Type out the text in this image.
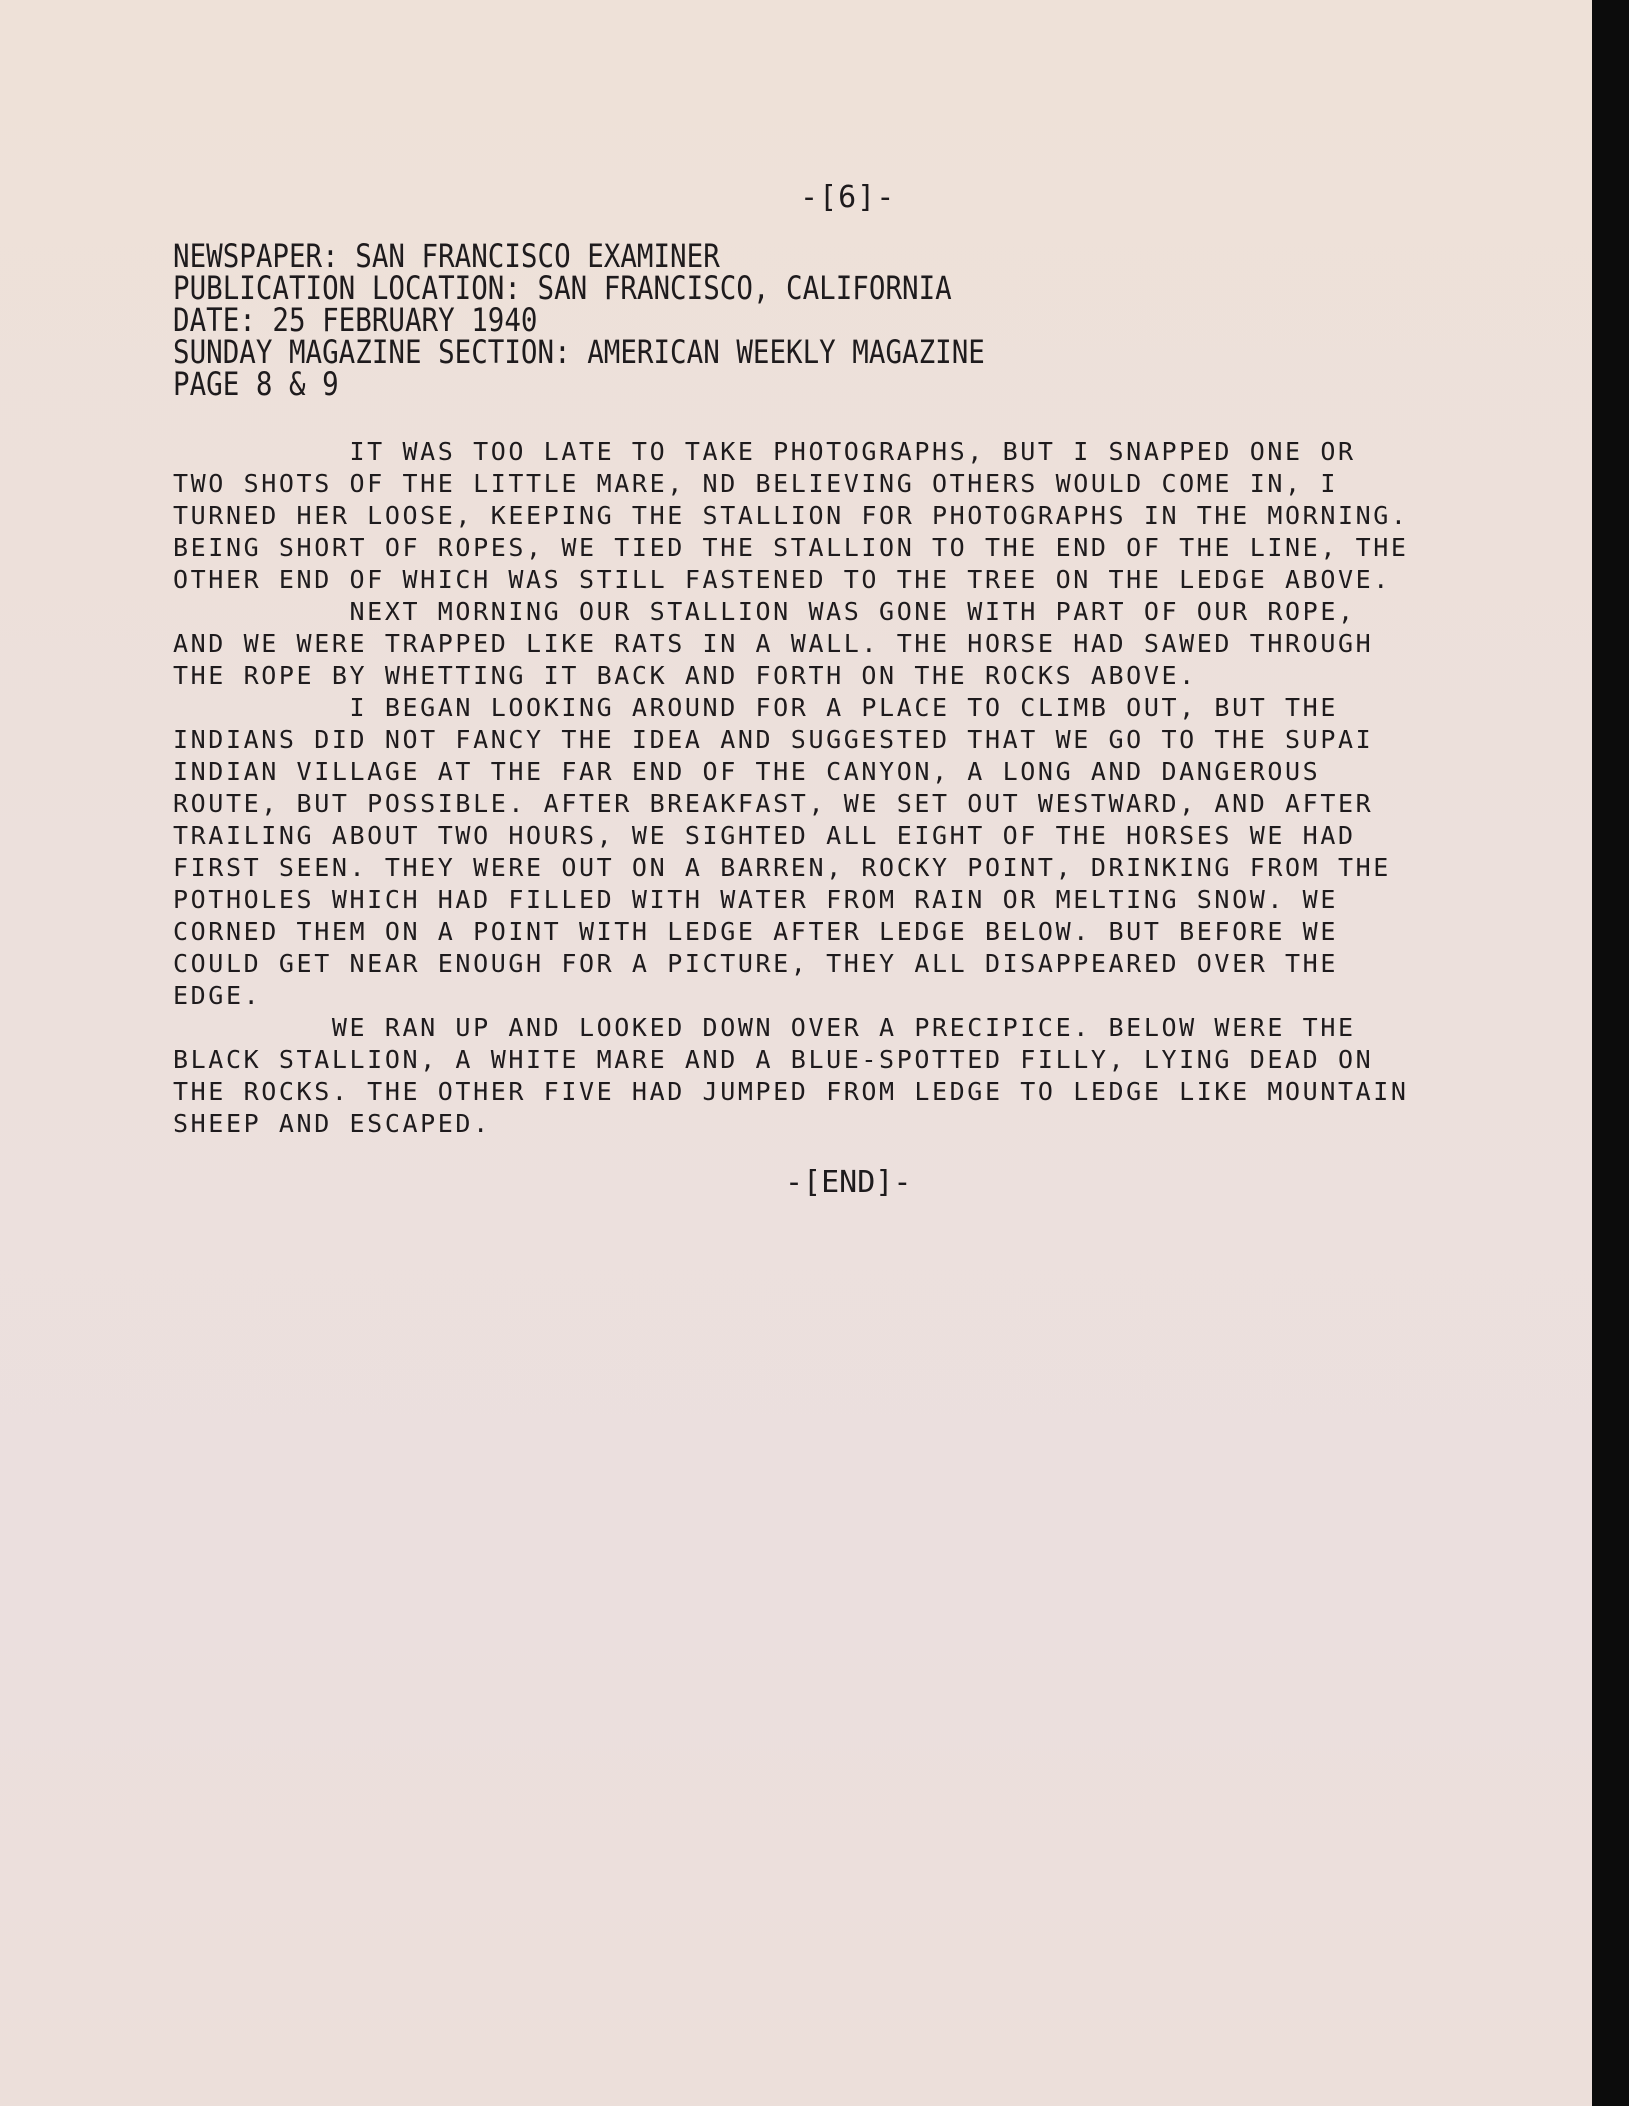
-[6]-
NEWSPAPER: SAN FRANCISCO EXAMINER
PUBLICATION LOCATION: SAN FRANCISCO, CALIFORNIA
DATE: 25 FEBRUARY 1940
SUNDAY MAGAZINE SECTION: AMERICAN WEEKLY MAGAZINE
PAGE 8 & 9
IT WAS TOO LATE TO TAKE PHOTOGRAPHS, BUT I SNAPPED ONE OR
TWO SHOTS OF THE LITTLE MARE, ND BELIEVING OTHERS WOULD COME IN, I
TURNED HER LOOSE, KEEPING THE STALLION FOR PHOTOGRAPHS IN THE MORNING.
BEING SHORT OF ROPES, WE TIED THE STALLION TO THE END OF THE LINE, THE
OTHER END OF WHICH WAS STILL FASTENED TO THE TREE ON THE LEDGE ABOVE.
NEXT MORNING OUR STALLION WAS GONE WITH PART OF OUR ROPE,
AND WE WERE TRAPPED LIKE RATS IN A WALL. THE HORSE HAD SAWED THROUGH
THE ROPE BY WHETTING IT BACK AND FORTH ON THE ROCKS ABOVE.
I BEGAN LOOKING AROUND FOR A PLACE TO CLIMB OUT, BUT THE
INDIANS DID NOT FANCY THE IDEA AND SUGGESTED THAT WE GO TO THE SUPAI
INDIAN VILLAGE AT THE FAR END OF THE CANYON, A LONG AND DANGEROUS
ROUTE, BUT POSSIBLE. AFTER BREAKFAST, WE SET OUT WESTWARD, AND AFTER
TRAILING ABOUT TWO HOURS, WE SIGHTED ALL EIGHT OF THE HORSES WE HAD
FIRST SEEN. THEY WERE OUT ON A BARREN, ROCKY POINT, DRINKING FROM THE
POTHOLES WHICH HAD FILLED WITH WATER FROM RAIN OR MELTING SNOW. WE
CORNED THEM ON A POINT WITH LEDGE AFTER LEDGE BELOW. BUT BEFORE WE
COULD GET NEAR ENOUGH FOR A PICTURE, THEY ALL DISAPPEARED OVER THE
EDGE.
WE RAN UP AND LOOKED DOWN OVER A PRECIPICE. BELOW WERE THE
BLACK STALLION, A WHITE MARE AND A BLUE-SPOTTED FILLY, LYING DEAD ON
THE ROCKS. THE OTHER FIVE HAD JUMPED FROM LEDGE TO LEDGE LIKE MOUNTAIN
SHEEP AND ESCAPED.
-[END]-
